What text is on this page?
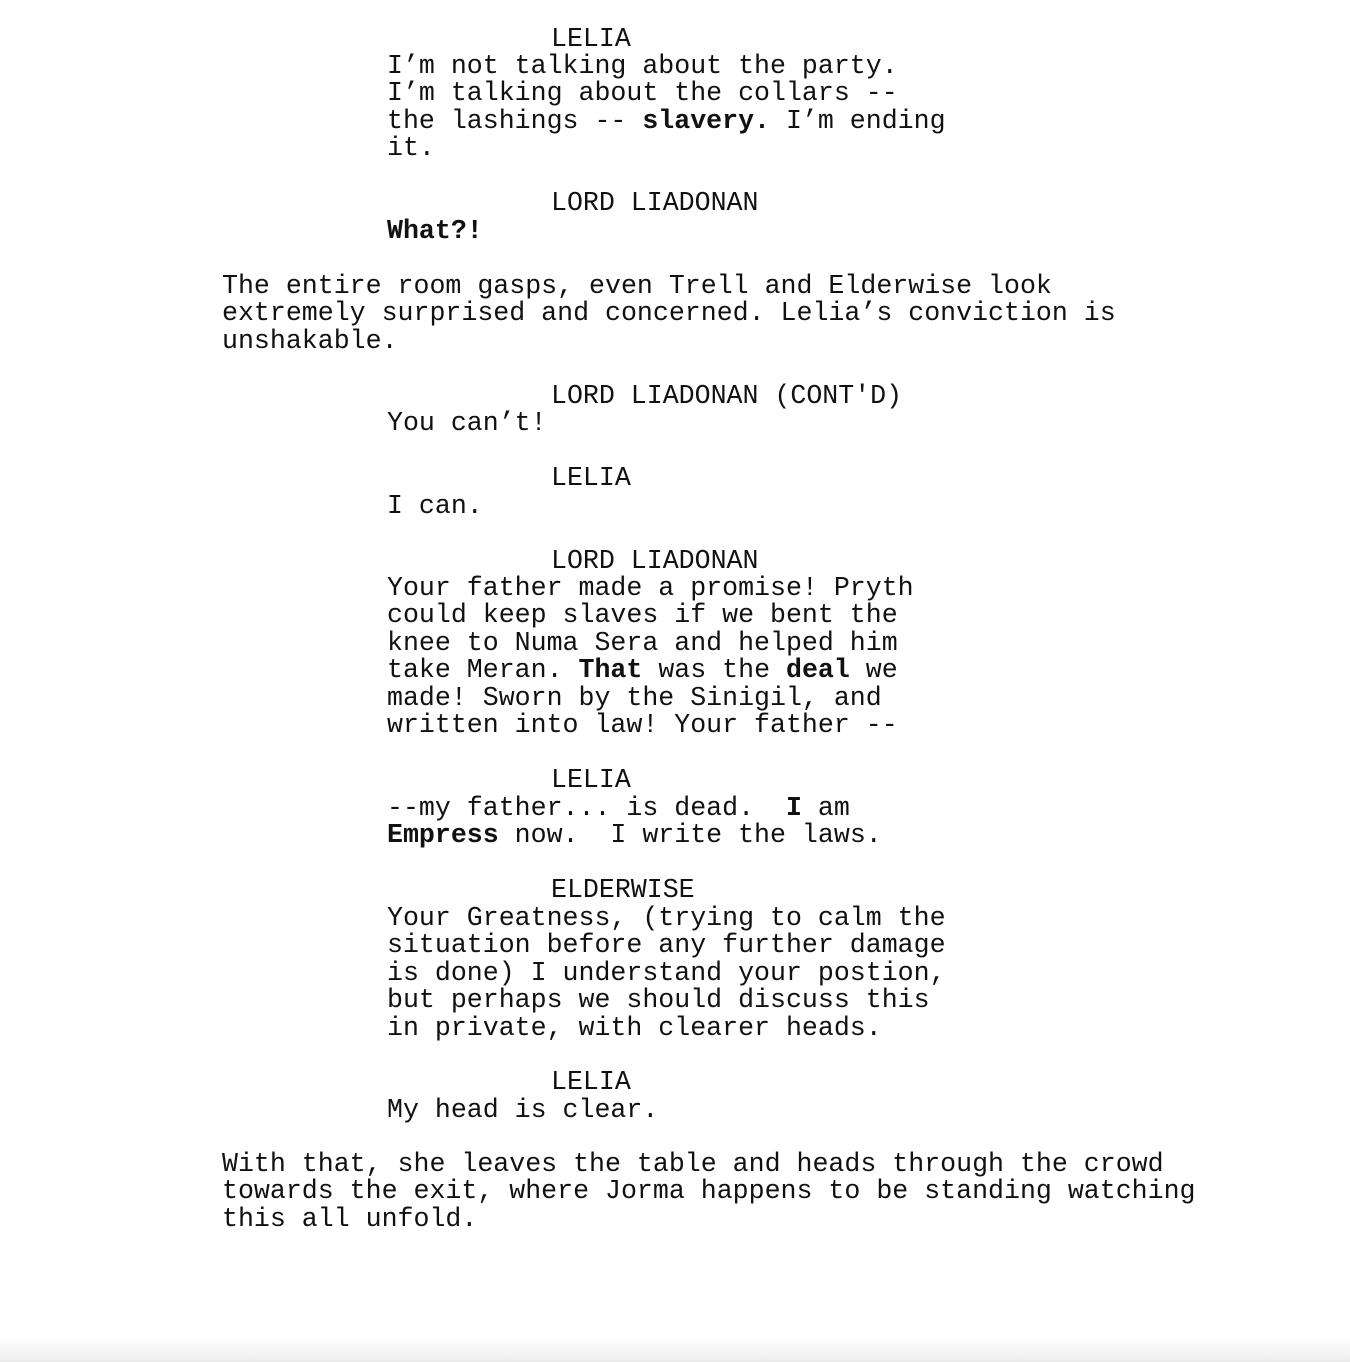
LELIA
I’m not talking about the party.
I’m talking about the collars --
the lashings -- slavery. I’m ending
it.
LORD LIADONAN
What?!
The entire room gasps, even Trell and Elderwise look
extremely surprised and concerned. Lelia’s conviction is
unshakable.
LORD LIADONAN (CONT'D)
You can’t!
LELIA
I can.
LORD LIADONAN
Your father made a promise! Pryth
could keep slaves if we bent the
knee to Numa Sera and helped him
take Meran. That was the deal we
made! Sworn by the Sinigil, and
written into law! Your father --
LELIA
--my father... is dead.  I am
Empress now.  I write the laws.
ELDERWISE
Your Greatness, (trying to calm the
situation before any further damage
is done) I understand your postion,
but perhaps we should discuss this
in private, with clearer heads.
LELIA
My head is clear.
With that, she leaves the table and heads through the crowd
towards the exit, where Jorma happens to be standing watching
this all unfold.
